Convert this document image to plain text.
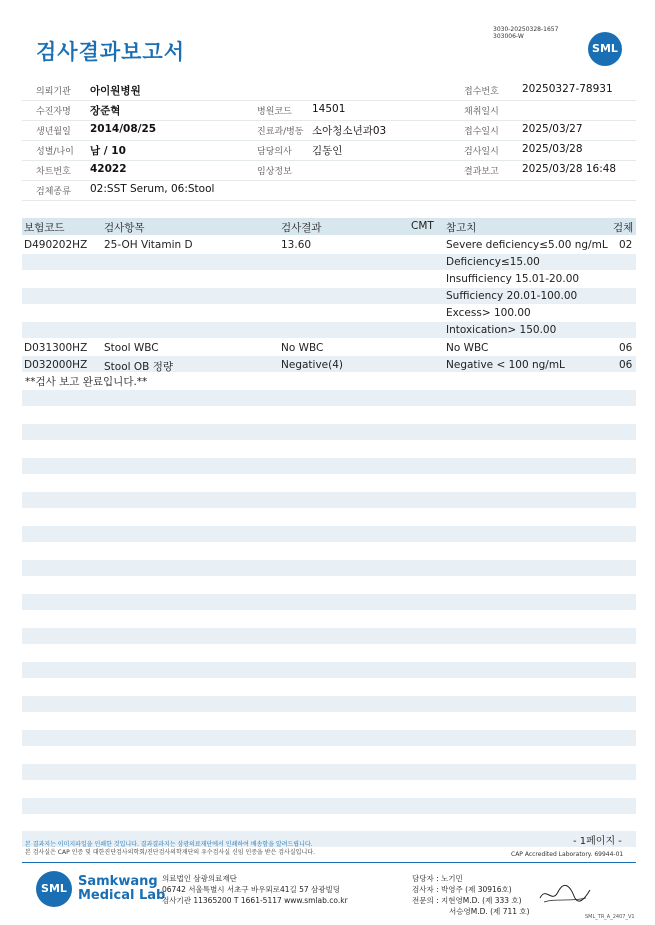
검사결과보고서
3030-20250328-1657
303006-W
SML
의뢰기관 아이원병원	접수번호 20250327-78931
수진자명 장준혁	병원코드 14501	채취일시
생년월일 2014/08/25	진료과/병동 소아청소년과03	접수일시 2025/03/27
성별/나이 남 / 10	담당의사 김동인	검사일시 2025/03/28
차트번호 42022	임상정보	결과보고 2025/03/28 16:48
검체종류 02:SST Serum, 06:Stool
보험코드	검사항목	검사결과	CMT 참고치	검체
D490202HZ 25-OH Vitamin D	13.60	Severe deficiency≤5.00 ng/mL 02
Deficiency≤15.00
Insufficiency 15.01-20.00
Sufficiency 20.01-100.00
Excess> 100.00
Intoxication> 150.00
D031300HZ Stool WBC	No WBC	No WBC	06
D032000HZ Stool OB 정량	Negative(4)	Negative < 100 ng/mL	06
**검사 보고 완료입니다.**
본 결과지는 이미지파일을 인쇄한 것입니다. 결과결과지는 삼광의료재단에서 인쇄하여 배송함을 알려드립니다.
본 검사실은 CAP 인증 및 대한진단검사의학회/진단검사의학재단의 우수검사실 신임 인증을 받은 검사실입니다.
- 1페이지 -
CAP Accredited Laboratory. 69944-01
SML Samkwang
Medical Lab
의료법인 삼광의료재단
06742 서울특별시 서초구 바우뫼로41길 57 삼광빌딩
검사기관 11365200 T 1661-5117 www.smlab.co.kr
담당자 : 노기민
검사자 : 박영주 (제 30916호)
전문의 : 지현영M.D. (제 333 호)
서승영M.D. (제 711 호)
SML_TR_A_2407_V1
